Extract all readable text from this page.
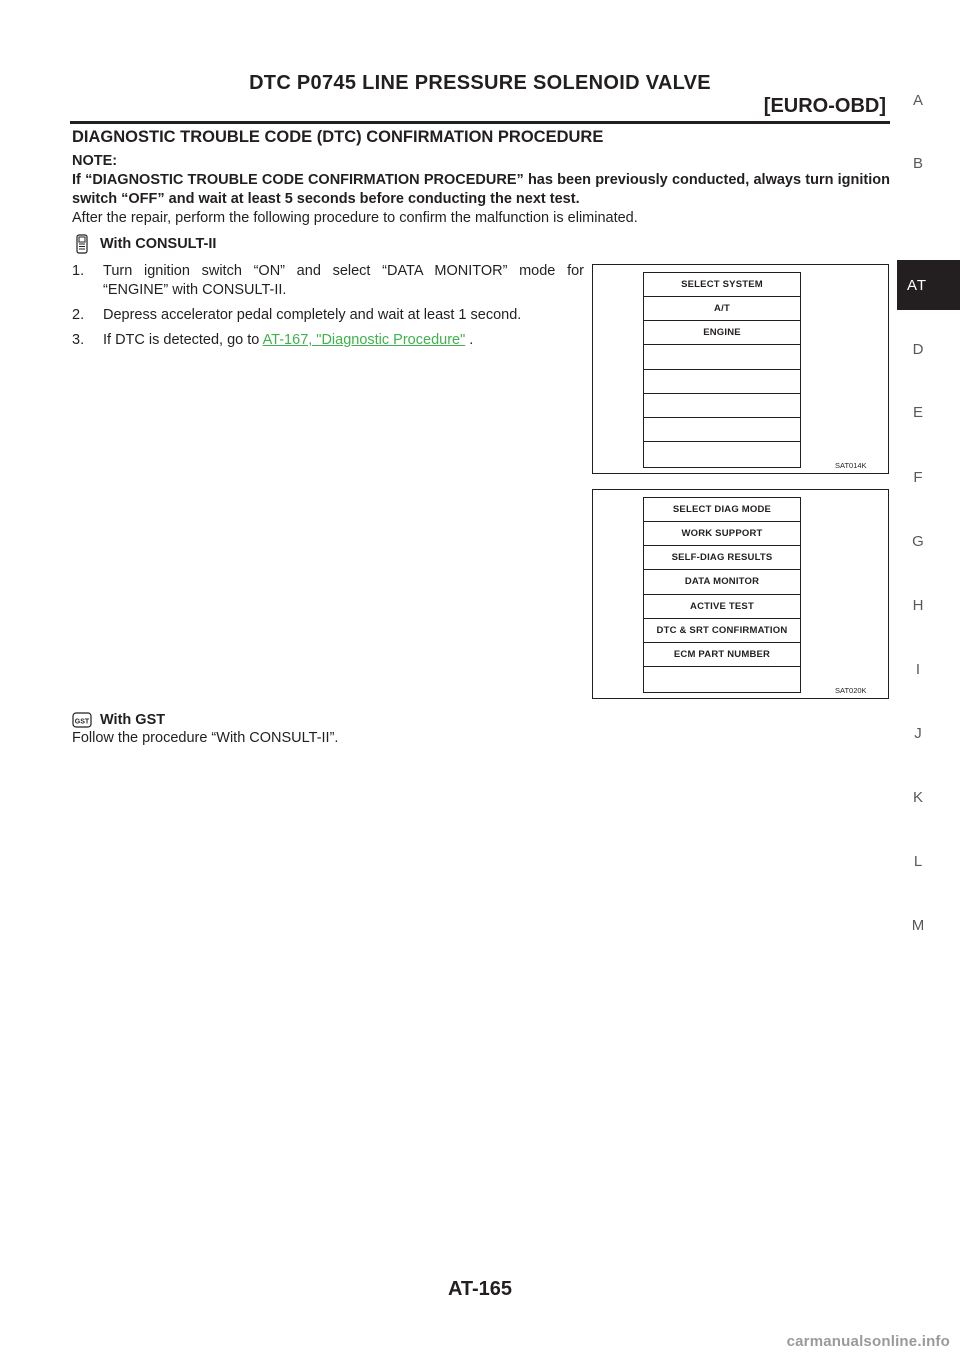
DTC P0745 LINE PRESSURE SOLENOID VALVE
[EURO-OBD]
DIAGNOSTIC TROUBLE CODE (DTC) CONFIRMATION PROCEDURE
NOTE:
If “DIAGNOSTIC TROUBLE CODE CONFIRMATION PROCEDURE” has been previously conducted, always turn ignition switch “OFF” and wait at least 5 seconds before conducting the next test.
After the repair, perform the following procedure to confirm the malfunction is eliminated.
With CONSULT-II
1.	Turn ignition switch “ON” and select “DATA MONITOR” mode for “ENGINE” with CONSULT-II.
2.	Depress accelerator pedal completely and wait at least 1 second.
3.	If DTC is detected, go to AT-167, "Diagnostic Procedure" .
SELECT SYSTEM
A/T
ENGINE
SAT014K
SELECT DIAG MODE
WORK SUPPORT
SELF-DIAG RESULTS
DATA MONITOR
ACTIVE TEST
DTC & SRT CONFIRMATION
ECM PART NUMBER
SAT020K
GST With GST
Follow the procedure “With CONSULT-II”.
A
B
AT
D
E
F
G
H
I
J
K
L
M
AT-165
carmanualsonline.info
